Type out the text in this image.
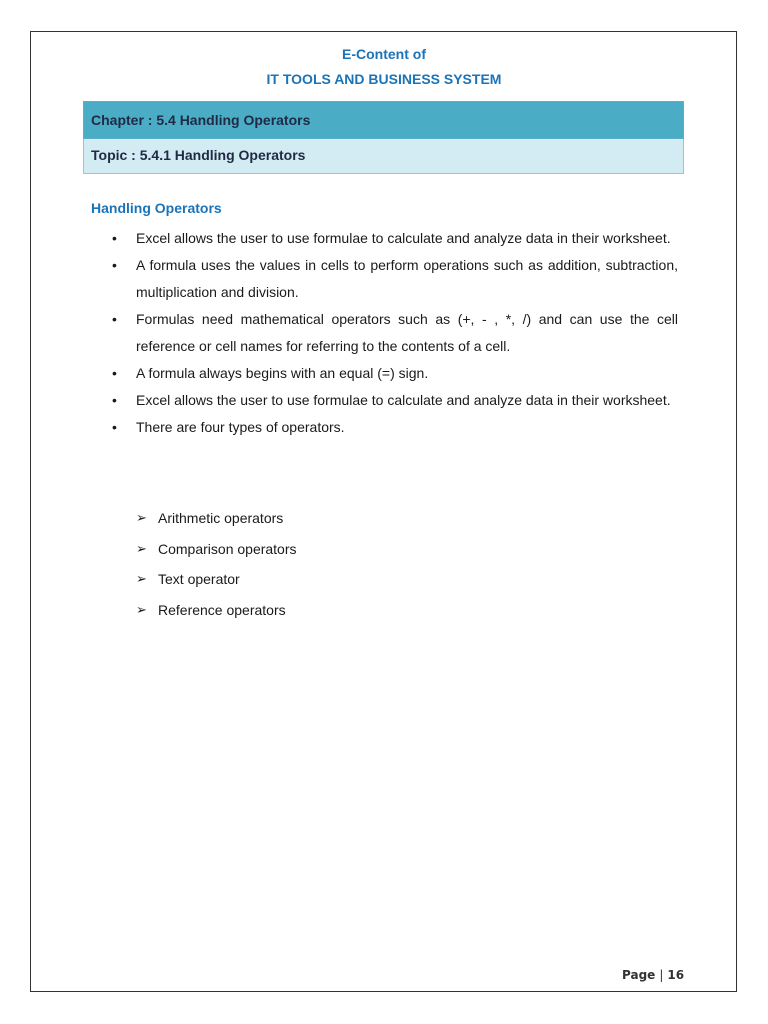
E-Content of
IT TOOLS AND BUSINESS SYSTEM
Chapter : 5.4 Handling Operators
Topic : 5.4.1 Handling Operators
Handling Operators
• Excel allows the user to use formulae to calculate and analyze data in their worksheet.
• A formula uses the values in cells to perform operations such as addition, subtraction, multiplication and division.
• Formulas need mathematical operators such as (+, - , *, /) and can use the cell reference or cell names for referring to the contents of a cell.
• A formula always begins with an equal (=) sign.
• Excel allows the user to use formulae to calculate and analyze data in their worksheet.
• There are four types of operators.
➢ Arithmetic operators
➢ Comparison operators
➢ Text operator
➢ Reference operators
Page | 16
